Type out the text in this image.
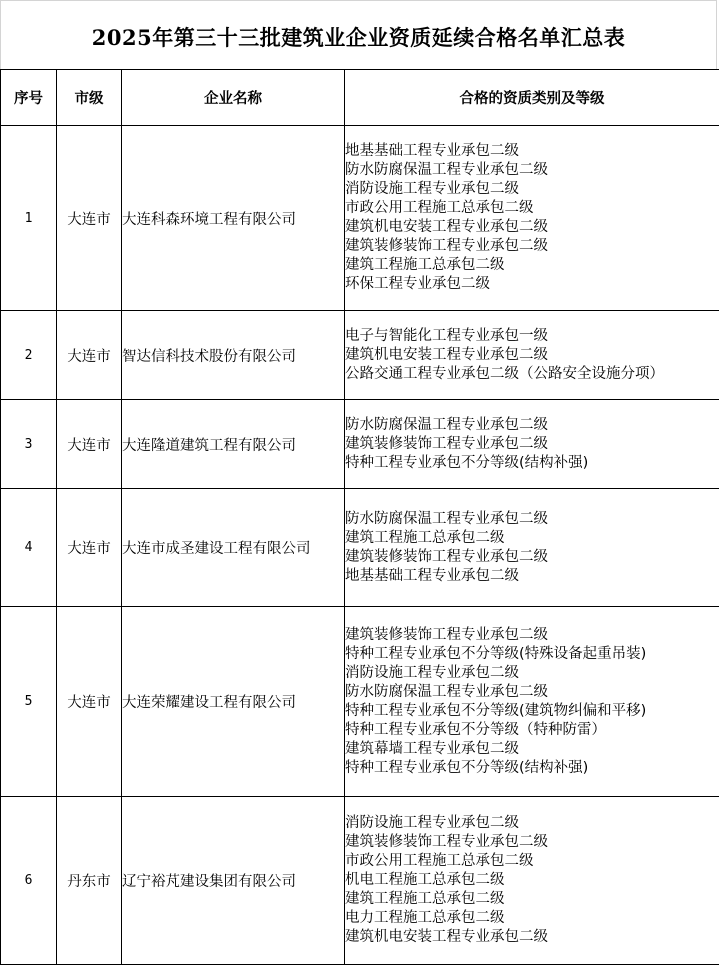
2025年第三十三批建筑业企业资质延续合格名单汇总表
序号	市级	企业名称	合格的资质类别及等级
1	大连市	大连科森环境工程有限公司	
地基基础工程专业承包二级
防水防腐保温工程专业承包二级
消防设施工程专业承包二级
市政公用工程施工总承包二级
建筑机电安装工程专业承包二级
建筑装修装饰工程专业承包二级
建筑工程施工总承包二级
环保工程专业承包二级

2	大连市	智达信科技术股份有限公司	电子与智能化工程专业承包一级
建筑机电安装工程专业承包二级
公路交通工程专业承包二级（公路安全设施分项）

3	大连市	大连隆道建筑工程有限公司	防水防腐保温工程专业承包二级
建筑装修装饰工程专业承包二级
特种工程专业承包不分等级(结构补强)

4	大连市	大连市成圣建设工程有限公司	防水防腐保温工程专业承包二级
建筑工程施工总承包二级
建筑装修装饰工程专业承包二级
地基基础工程专业承包二级

5	大连市	大连荣耀建设工程有限公司	
建筑装修装饰工程专业承包二级
特种工程专业承包不分等级(特殊设备起重吊装)
消防设施工程专业承包二级
防水防腐保温工程专业承包二级
特种工程专业承包不分等级(建筑物纠偏和平移)
特种工程专业承包不分等级（特种防雷）
建筑幕墙工程专业承包二级
特种工程专业承包不分等级(结构补强)

6	丹东市	辽宁裕芃建设集团有限公司	
消防设施工程专业承包二级
建筑装修装饰工程专业承包二级
市政公用工程施工总承包二级
机电工程施工总承包二级
建筑工程施工总承包二级
电力工程施工总承包二级
建筑机电安装工程专业承包二级
